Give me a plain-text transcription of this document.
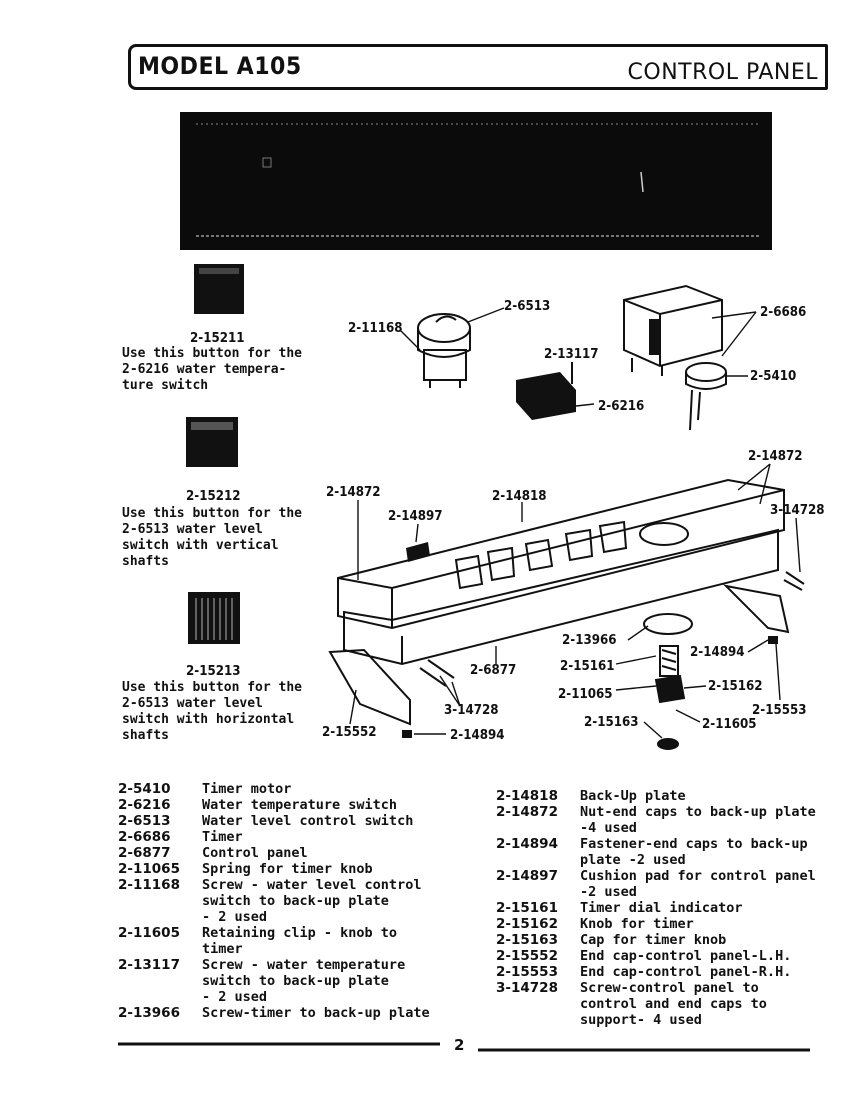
MODEL A105	CONTROL PANEL
2-15211
Use this button for the
2-6216 water tempera-
ture switch
2-15212
Use this button for the
2-6513 water level
switch with vertical
shafts
2-15213
Use this button for the
2-6513 water level
switch with horizontal
shafts
2-6513
2-11168
2-13117
2-6686
2-5410
2-6216
2-14872
2-14872	2-14818
2-14897	3-14728
2-13966
2-14894
2-15161
2-6877
2-11065	2-15162
3-14728	2-15553
2-15163	2-11605
2-15552	2-14894
2-5410	Timer motor
2-6216	Water temperature switch
2-6513	Water level control switch
2-6686	Timer
2-6877	Control panel
2-11065	Spring for timer knob
2-11168	Screw - water level control
switch to back-up plate
- 2 used
2-11605	Retaining clip - knob to
timer
2-13117	Screw - water temperature
switch to back-up plate
- 2 used
2-13966	Screw-timer to back-up plate
2-14818	Back-Up plate
2-14872	Nut-end caps to back-up plate
-4 used
2-14894	Fastener-end caps to back-up
plate -2 used
2-14897	Cushion pad for control panel
-2 used
2-15161	Timer dial indicator
2-15162	Knob for timer
2-15163	Cap for timer knob
2-15552	End cap-control panel-L.H.
2-15553	End cap-control panel-R.H.
3-14728	Screw-control panel to
control and end caps to
support- 4 used
2
